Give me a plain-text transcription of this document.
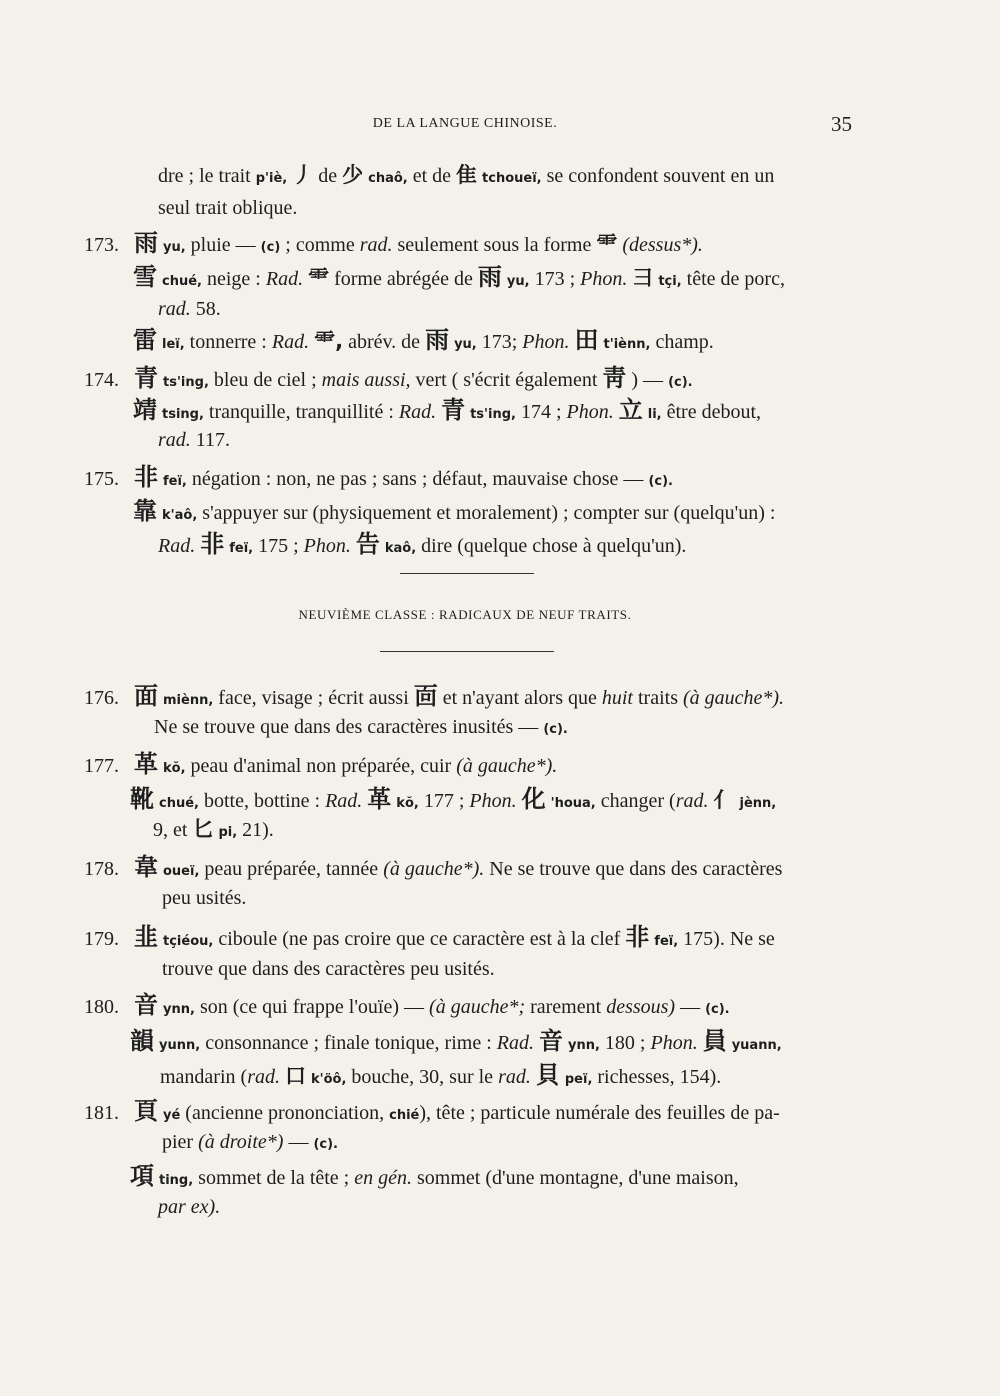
DE LA LANGUE CHINOISE.	35
dre ; le trait p'iè, 丿 de 少 chaô, et de 隹 tchoueï, se confondent souvent en un
seul trait oblique.
173. 雨 yu, pluie — (c) ; comme rad. seulement sous la forme ⻗ (dessus*).
雪 chué, neige : Rad. ⻗ forme abrégée de 雨 yu, 173 ; Phon. 彐 tçi, tête de porc,
rad. 58.
雷 leï, tonnerre : Rad. ⻗, abrév. de 雨 yu, 173; Phon. 田 t'iènn, champ.
174. 青 ts'ing, bleu de ciel ; mais aussi, vert ( s'écrit également 靑 ) — (c).
靖 tsing, tranquille, tranquillité : Rad. 青 ts'ing, 174 ; Phon. 立 li, être debout,
rad. 117.
175. 非 feï, négation : non, ne pas ; sans ; défaut, mauvaise chose — (c).
靠 k'aô, s'appuyer sur (physiquement et moralement) ; compter sur (quelqu'un) :
Rad. 非 feï, 175 ; Phon. 告 kaô, dire (quelque chose à quelqu'un).
NEUVIÈME CLASSE : RADICAUX DE NEUF TRAITS.
176. 面 miènn, face, visage ; écrit aussi 靣 et n'ayant alors que huit traits (à gauche*).
Ne se trouve que dans des caractères inusités — (c).
177. 革 kŏ, peau d'animal non préparée, cuir (à gauche*).
靴 chué, botte, bottine : Rad. 革 kŏ, 177 ; Phon. 化 'houa, changer (rad. 亻 jènn,
9, et 匕 pi, 21).
178. 韋 oueï, peau préparée, tannée (à gauche*). Ne se trouve que dans des caractères
peu usités.
179. 韭 tçiéou, ciboule (ne pas croire que ce caractère est à la clef 非 feï, 175). Ne se
trouve que dans des caractères peu usités.
180. 音 ynn, son (ce qui frappe l'ouïe) — (à gauche*; rarement dessous) — (c).
韻 yunn, consonnance ; finale tonique, rime : Rad. 音 ynn, 180 ; Phon. 員 yuann,
mandarin (rad. 口 k'öô, bouche, 30, sur le rad. 貝 peï, richesses, 154).
181. 頁 yé (ancienne prononciation, chié), tête ; particule numérale des feuilles de pa-
pier (à droite*) — (c).
項 ting, sommet de la tête ; en gén. sommet (d'une montagne, d'une maison,
par ex).
